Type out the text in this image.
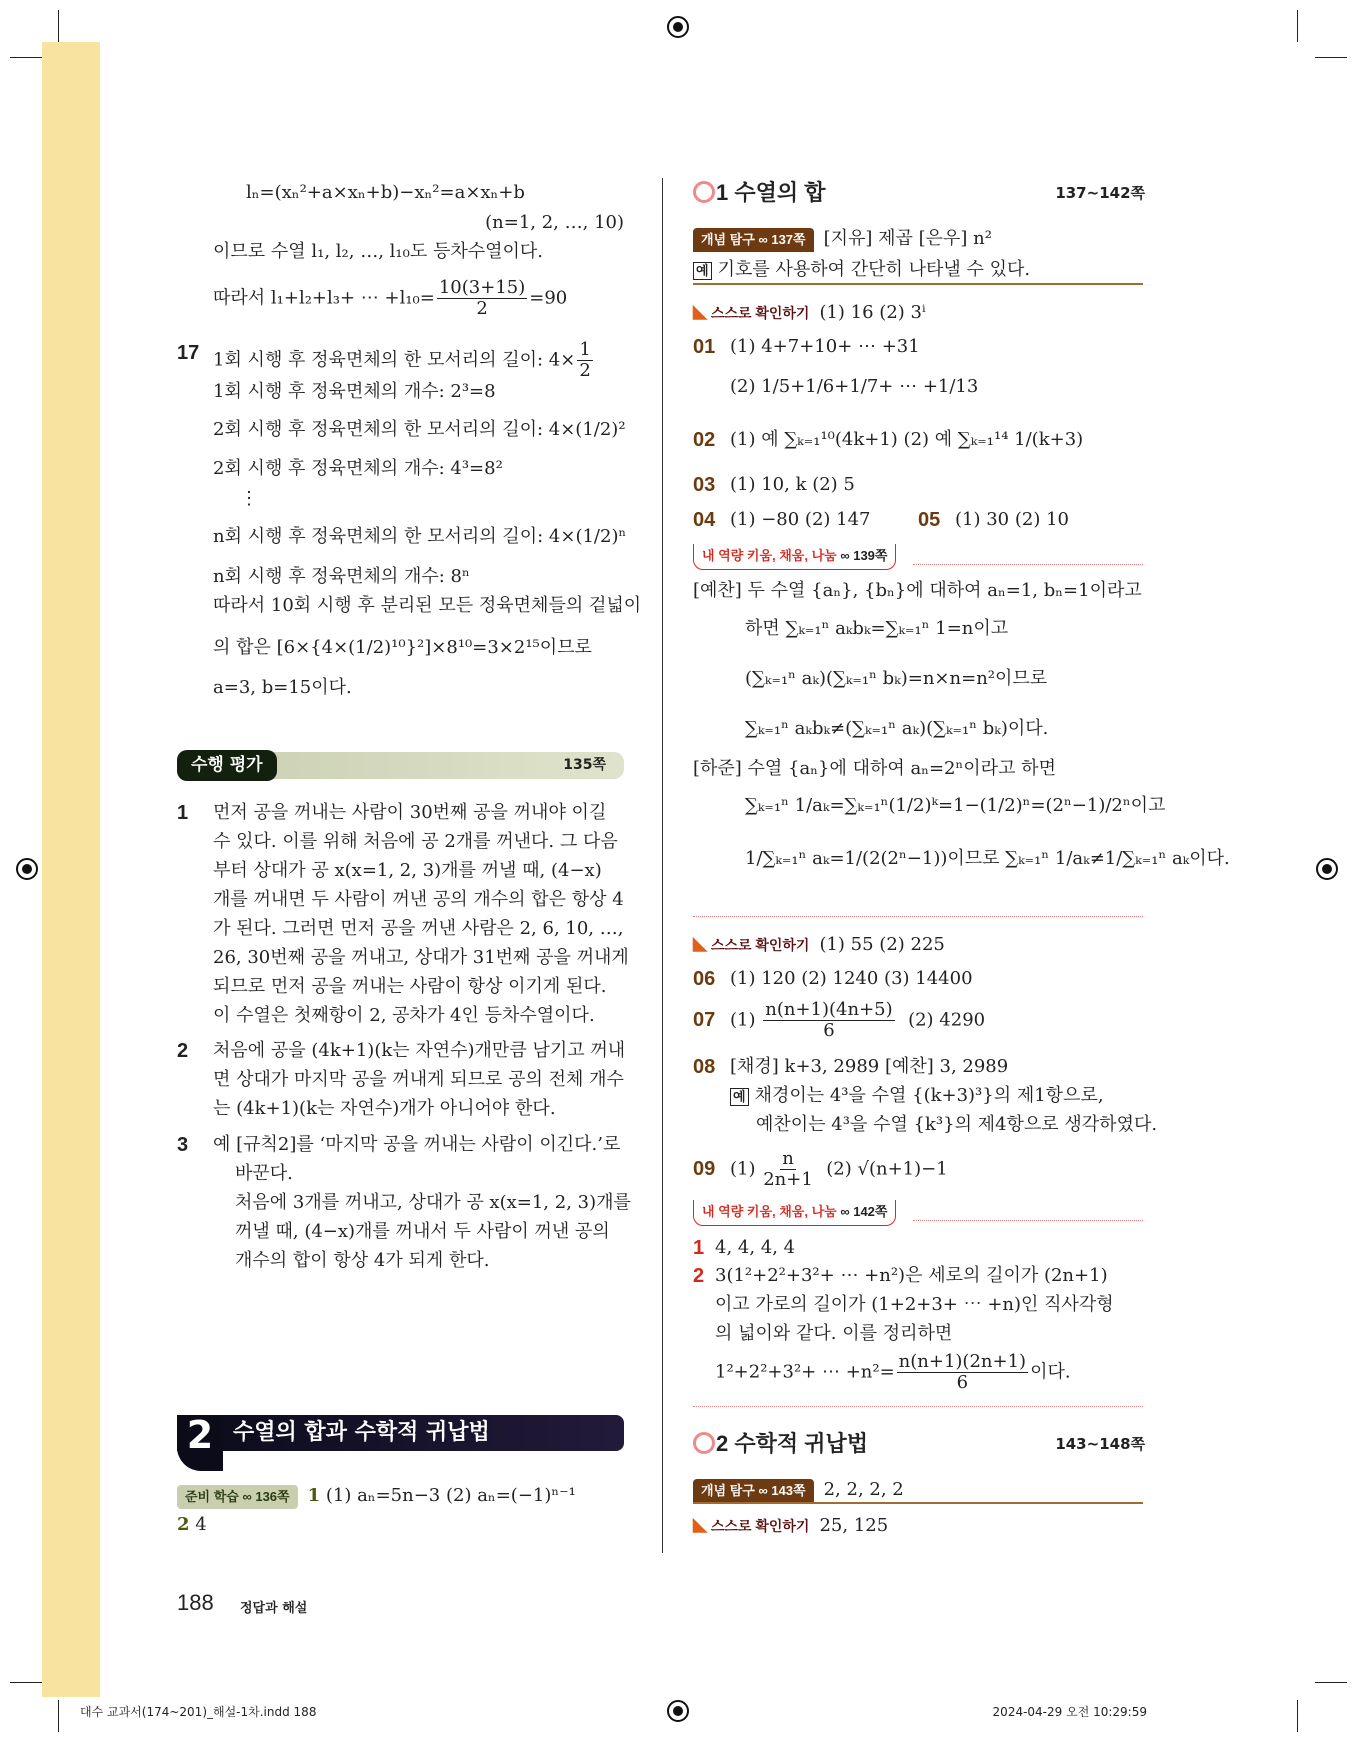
lₙ=(xₙ²+a×xₙ+b)−xₙ²=a×xₙ+b
(n=1, 2, …, 10)
이므로 수열 l₁, l₂, …, l₁₀도 등차수열이다.
따라서 l₁+l₂+l₃+ ⋯ $+l_{10}= \frac{10(3+15)}{2} =90$
17 1회 시행 후 정육면체의 한 모서리의 길이: $4\times \frac{1}{2}$
1회 시행 후 정육면체의 개수: 2³=8
2회 시행 후 정육면체의 한 모서리의 길이: 4×(1/2)²
2회 시행 후 정육면체의 개수: 4³=8²
⋮
n회 시행 후 정육면체의 한 모서리의 길이: 4×(1/2)ⁿ
n회 시행 후 정육면체의 개수: 8ⁿ
따라서 10회 시행 후 분리된 모든 정육면체들의 겉넓이
의 합은 [6×{4×(1/2)¹⁰}²]×8¹⁰=3×2¹⁵이므로
a=3, b=15이다.
수행 평가	135쪽
1 먼저 공을 꺼내는 사람이 30번째 공을 꺼내야 이길
수 있다. 이를 위해 처음에 공 2개를 꺼낸다. 그 다음
부터 상대가 공 x(x=1, 2, 3)개를 꺼낼 때, (4−x)
개를 꺼내면 두 사람이 꺼낸 공의 개수의 합은 항상 4
가 된다. 그러면 먼저 공을 꺼낸 사람은 2, 6, 10, …,
26, 30번째 공을 꺼내고, 상대가 31번째 공을 꺼내게
되므로 먼저 공을 꺼내는 사람이 항상 이기게 된다.
이 수열은 첫째항이 2, 공차가 4인 등차수열이다.
2 처음에 공을 (4k+1)(k는 자연수)개만큼 남기고 꺼내
면 상대가 마지막 공을 꺼내게 되므로 공의 전체 개수
는 (4k+1)(k는 자연수)개가 아니어야 한다.
3 예 [규칙2]를 ‘마지막 공을 꺼내는 사람이 이긴다.’로
바꾼다.
처음에 3개를 꺼내고, 상대가 공 x(x=1, 2, 3)개를
꺼낼 때, (4−x)개를 꺼내서 두 사람이 꺼낸 공의
개수의 합이 항상 4가 되게 한다.
2 수열의 합과 수학적 귀납법
준비 학습 ∞ 136쪽 1 (1) aₙ=5n−3 (2) aₙ=(−1)ⁿ⁻¹
2 4
188 정답과 해설
1 수열의 합	137~142쪽
개념 탐구 ∞ 137쪽 [지유] 제곱 [은우] n²
예 기호를 사용하여 간단히 나타낼 수 있다.
◣ 스스로 확인하기 (1) 16 (2) 3ⁱ
01 (1) 4+7+10+ ⋯ +31
(2) 1/5+1/6+1/7+ ⋯ +1/13
02 (1) 예 ∑ₖ₌₁¹⁰(4k+1) (2) 예 ∑ₖ₌₁¹⁴ 1/(k+3)
03 (1) 10, k (2) 5
04 (1) −80 (2) 147 05 (1) 30 (2) 10
내 역량 키움, 채움, 나눔 ∞ 139쪽
[예찬] 두 수열 {aₙ}, {bₙ}에 대하여 aₙ=1, bₙ=1이라고
하면 ∑ₖ₌₁ⁿ aₖbₖ=∑ₖ₌₁ⁿ 1=n이고
(∑ₖ₌₁ⁿ aₖ)(∑ₖ₌₁ⁿ bₖ)=n×n=n²이므로
∑ₖ₌₁ⁿ aₖbₖ≠(∑ₖ₌₁ⁿ aₖ)(∑ₖ₌₁ⁿ bₖ)이다.
[하준] 수열 {aₙ}에 대하여 aₙ=2ⁿ이라고 하면
∑ₖ₌₁ⁿ 1/aₖ=∑ₖ₌₁ⁿ(1/2)ᵏ=1−(1/2)ⁿ=(2ⁿ−1)/2ⁿ이고
1/∑ₖ₌₁ⁿ aₖ=1/(2(2ⁿ−1))이므로 ∑ₖ₌₁ⁿ 1/aₖ≠1/∑ₖ₌₁ⁿ aₖ이다.
◣ 스스로 확인하기 (1) 55 (2) 225
06 (1) 120 (2) 1240 (3) 14400
07 $(1) \frac{n(n+1)(4n+5)}{6} (2)$ 4290
08 [채경] k+3, 2989 [예찬] 3, 2989
예 채경이는 4³을 수열 {(k+3)³}의 제1항으로,
예찬이는 4³을 수열 {k³}의 제4항으로 생각하였다.
09 $(1) \frac{n}{2n+1} (2)$ √(n+1)−1
내 역량 키움, 채움, 나눔 ∞ 142쪽
1 4, 4, 4, 4
2 3(1²+2²+3²+ ⋯ +n²)은 세로의 길이가 (2n+1)
이고 가로의 길이가 (1+2+3+ ⋯ +n)인 직사각형
의 넓이와 같다. 이를 정리하면
1²+2²+3²+ ⋯ $+n^2= \frac{n(n+1)(2n+1)}{6}$ 이다.
2 수학적 귀납법	143~148쪽
개념 탐구 ∞ 143쪽 2, 2, 2, 2
◣ 스스로 확인하기 25, 125
대수 교과서(174~201)_해설-1차.indd 188	2024-04-29 오전 10:29:59
